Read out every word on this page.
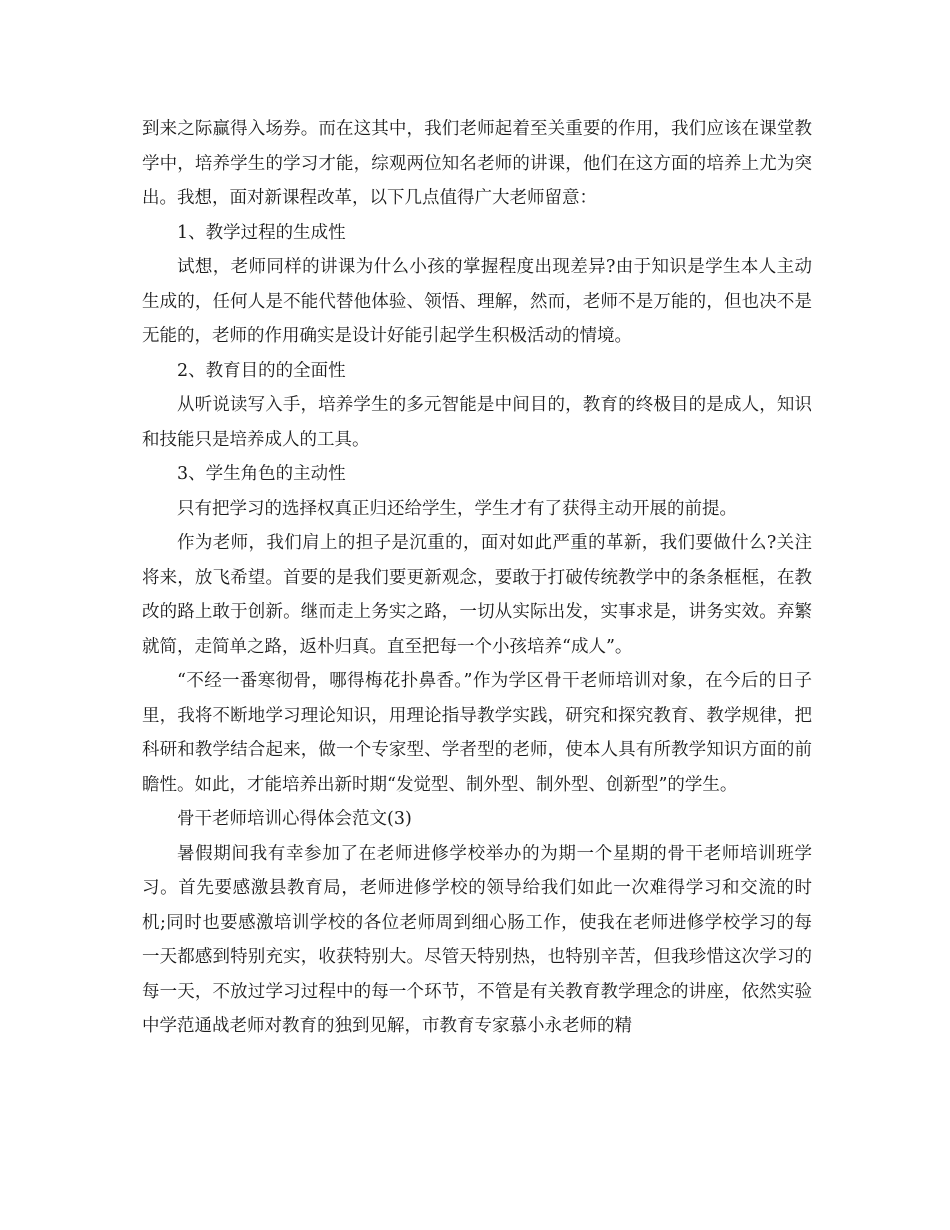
到来之际赢得入场券。而在这其中，我们老师起着至关重要的作用，我们应该在课堂教学中，培养学生的学习才能，综观两位知名老师的讲课，他们在这方面的培养上尤为突出。我想，面对新课程改革，以下几点值得广大老师留意：

1、教学过程的生成性

试想，老师同样的讲课为什么小孩的掌握程度出现差异?由于知识是学生本人主动生成的，任何人是不能代替他体验、领悟、理解，然而，老师不是万能的，但也决不是无能的，老师的作用确实是设计好能引起学生积极活动的情境。

2、教育目的的全面性

从听说读写入手，培养学生的多元智能是中间目的，教育的终极目的是成人，知识和技能只是培养成人的工具。

3、学生角色的主动性

只有把学习的选择权真正归还给学生，学生才有了获得主动开展的前提。

作为老师，我们肩上的担子是沉重的，面对如此严重的革新，我们要做什么?关注将来，放飞希望。首要的是我们要更新观念，要敢于打破传统教学中的条条框框，在教改的路上敢于创新。继而走上务实之路，一切从实际出发，实事求是，讲务实效。弃繁就简，走简单之路，返朴归真。直至把每一个小孩培养“成人”。

“不经一番寒彻骨，哪得梅花扑鼻香。”作为学区骨干老师培训对象，在今后的日子里，我将不断地学习理论知识，用理论指导教学实践，研究和探究教育、教学规律，把科研和教学结合起来，做一个专家型、学者型的老师，使本人具有所教学知识方面的前瞻性。如此，才能培养出新时期“发觉型、制外型、制外型、创新型”的学生。

骨干老师培训心得体会范文(3)

暑假期间我有幸参加了在老师进修学校举办的为期一个星期的骨干老师培训班学习。首先要感激县教育局，老师进修学校的领导给我们如此一次难得学习和交流的时机;同时也要感激培训学校的各位老师周到细心肠工作，使我在老师进修学校学习的每一天都感到特别充实，收获特别大。尽管天特别热，也特别辛苦，但我珍惜这次学习的每一天，不放过学习过程中的每一个环节，不管是有关教育教学理念的讲座，依然实验中学范通战老师对教育的独到见解，市教育专家慕小永老师的精
